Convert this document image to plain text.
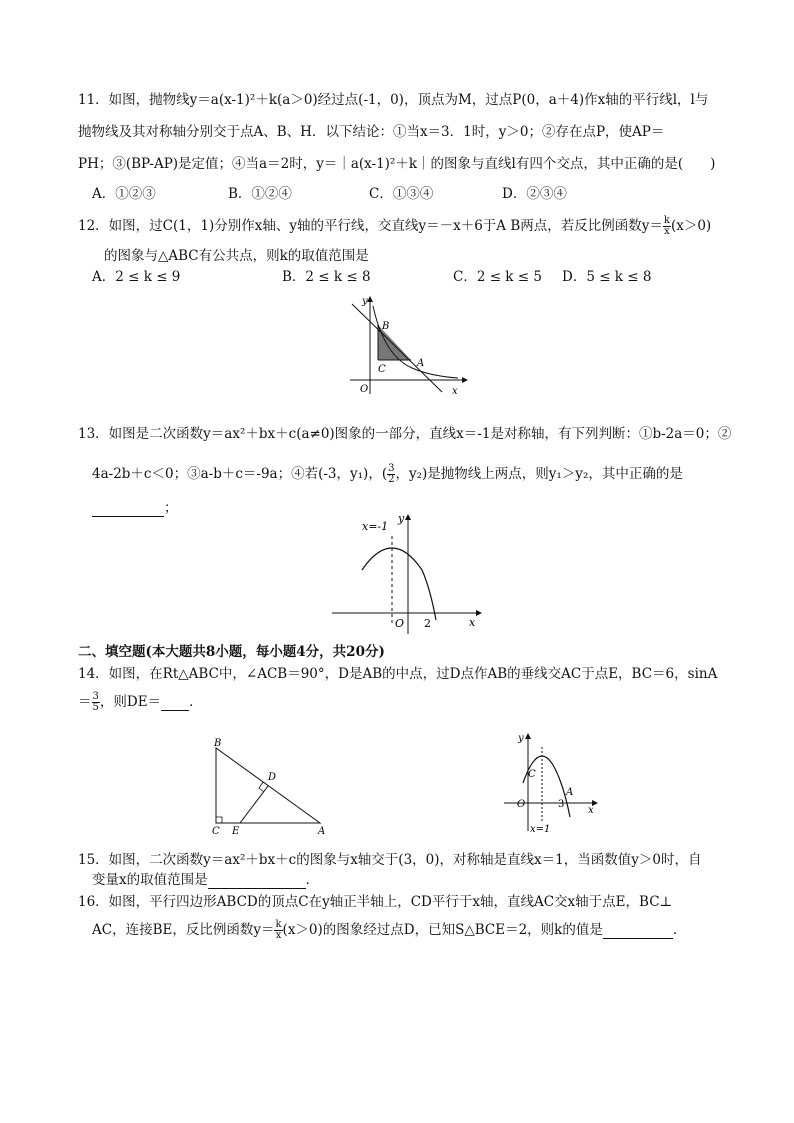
11．如图，抛物线y＝a(x-1)²＋k(a＞0)经过点(-1，0)，顶点为M，过点P(0，a＋4)作x轴的平行线l，l与
抛物线及其对称轴分别交于点A、B、H．以下结论：①当x＝3．1时，y＞0；②存在点P，使AP＝
PH；③(BP-AP)是定值；④当a＝2时，y＝｜a(x-1)²＋k｜的图象与直线l有四个交点，其中正确的是(　　)
A．①②③	B．①②④	C．①③④	D．②③④
12．如图，过C(1，1)分别作x轴、y轴的平行线，交直线y＝－x＋6于A B两点，若反比例函数$y= \frac{k}{x} (x>0)$
的图象与△ABC有公共点，则k的取值范围是
A．2 ≤ k ≤ 9	B．2 ≤ k ≤ 8	C．2 ≤ k ≤ 5 D．5 ≤ k ≤ 8
y
B
A
C
O	x
13．如图是二次函数y＝ax²＋bx＋c(a≠0)图象的一部分，直线x＝-1是对称轴，有下列判断：①b-2a＝0；②
4a-2b＋c＜0；③a-b＋c＝-9a；④若(-3，y₁)，( $\frac{3}{2}$ ，y₂)是抛物线上两点，则y₁＞y₂，其中正确的是
；
x=-1
y
O 2	x
二、填空题(本大题共8小题，每小题4分，共20分)
14．如图，在Rt△ABC中，∠ACB＝90°，D是AB的中点，过D点作AB的垂线交AC于点E，BC＝6，sinA
＝ $\frac{3}{5}$ ，则DE＝ ．
B
D
C E	A
y
C
A
O	3
x
x=1
15．如图，二次函数y＝ax²＋bx＋c的图象与x轴交于(3，0)，对称轴是直线x＝1，当函数值y＞0时，自
变量x的取值范围是	．
16．如图，平行四边形ABCD的顶点C在y轴正半轴上，CD平行于x轴，直线AC交x轴于点E，BC⊥
AC，连接BE，反比例函数$y= \frac{k}{x} (x>0)$的图象经过点D，已知S△BCE＝2，则k的值是	．
